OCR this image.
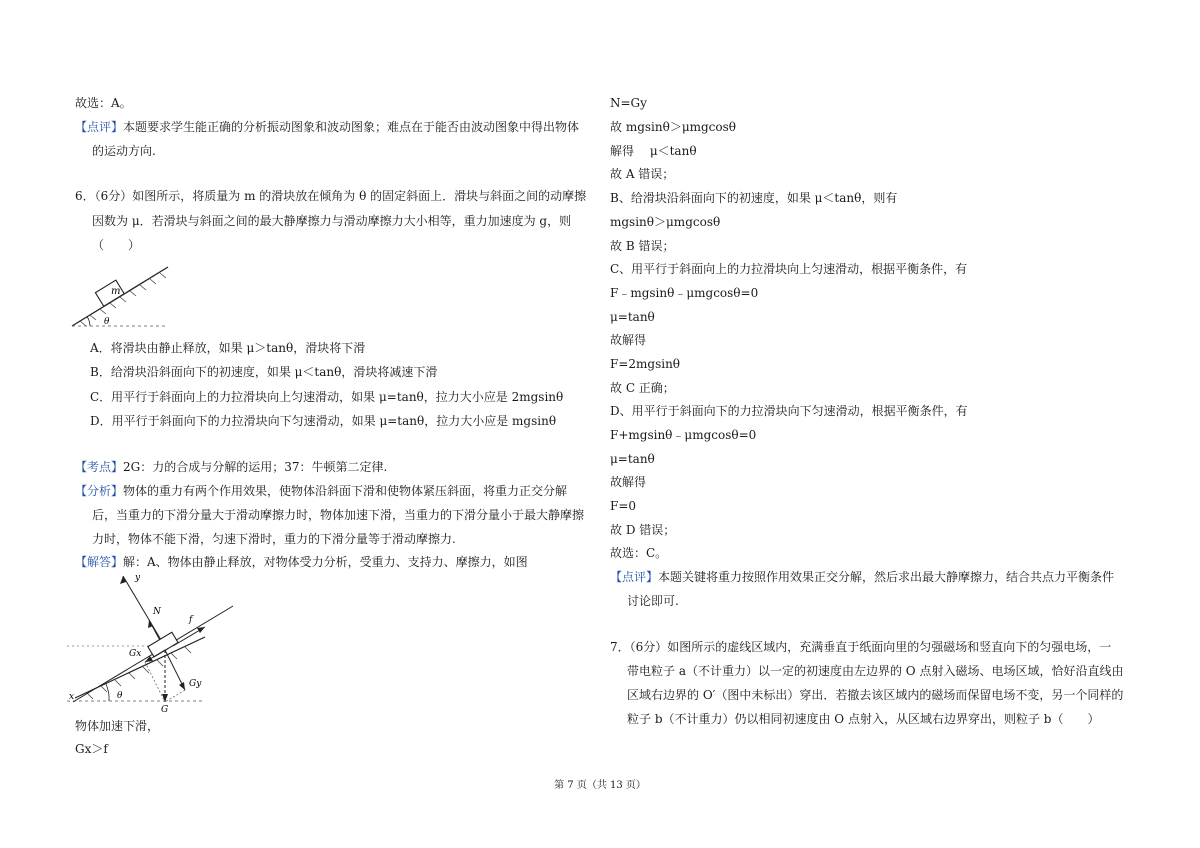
故选：A。
【点评】本题要求学生能正确的分析振动图象和波动图象；难点在于能否由波动图象中得出物体
的运动方向.
6．（6分）如图所示，将质量为 m 的滑块放在倾角为 θ 的固定斜面上．滑块与斜面之间的动摩擦
因数为 μ．若滑块与斜面之间的最大静摩擦力与滑动摩擦力大小相等，重力加速度为 g，则
（　　）
m
θ
A．将滑块由静止释放，如果 μ＞tanθ，滑块将下滑
B．给滑块沿斜面向下的初速度，如果 μ＜tanθ，滑块将减速下滑
C．用平行于斜面向上的力拉滑块向上匀速滑动，如果 μ=tanθ，拉力大小应是 2mgsinθ
D．用平行于斜面向下的力拉滑块向下匀速滑动，如果 μ=tanθ，拉力大小应是 mgsinθ
【考点】2G：力的合成与分解的运用；37：牛顿第二定律.
【分析】物体的重力有两个作用效果，使物体沿斜面下滑和使物体紧压斜面，将重力正交分解
后，当重力的下滑分量大于滑动摩擦力时，物体加速下滑，当重力的下滑分量小于最大静摩擦
力时，物体不能下滑，匀速下滑时，重力的下滑分量等于滑动摩擦力.
【解答】解：A、物体由静止释放，对物体受力分析，受重力、支持力、摩擦力，如图
y
N
f
Gx
Gy
G
x	θ
物体加速下滑，
Gx＞f
N=Gy
故 mgsinθ＞μmgcosθ
解得　 μ＜tanθ
故 A 错误；
B、给滑块沿斜面向下的初速度，如果 μ＜tanθ，则有
mgsinθ＞μmgcosθ
故 B 错误；
C、用平行于斜面向上的力拉滑块向上匀速滑动，根据平衡条件，有
F﹣mgsinθ﹣μmgcosθ=0
μ=tanθ
故解得
F=2mgsinθ
故 C 正确；
D、用平行于斜面向下的力拉滑块向下匀速滑动，根据平衡条件，有
F+mgsinθ﹣μmgcosθ=0
μ=tanθ
故解得
F=0
故 D 错误；
故选：C。
【点评】本题关键将重力按照作用效果正交分解，然后求出最大静摩擦力，结合共点力平衡条件
讨论即可.
7．（6分）如图所示的虚线区域内，充满垂直于纸面向里的匀强磁场和竖直向下的匀强电场，一
带电粒子 a（不计重力）以一定的初速度由左边界的 O 点射入磁场、电场区域，恰好沿直线由
区域右边界的 O′（图中未标出）穿出．若撤去该区域内的磁场而保留电场不变，另一个同样的
粒子 b（不计重力）仍以相同初速度由 O 点射入，从区域右边界穿出，则粒子 b（　　）
第 7 页（共 13 页）
